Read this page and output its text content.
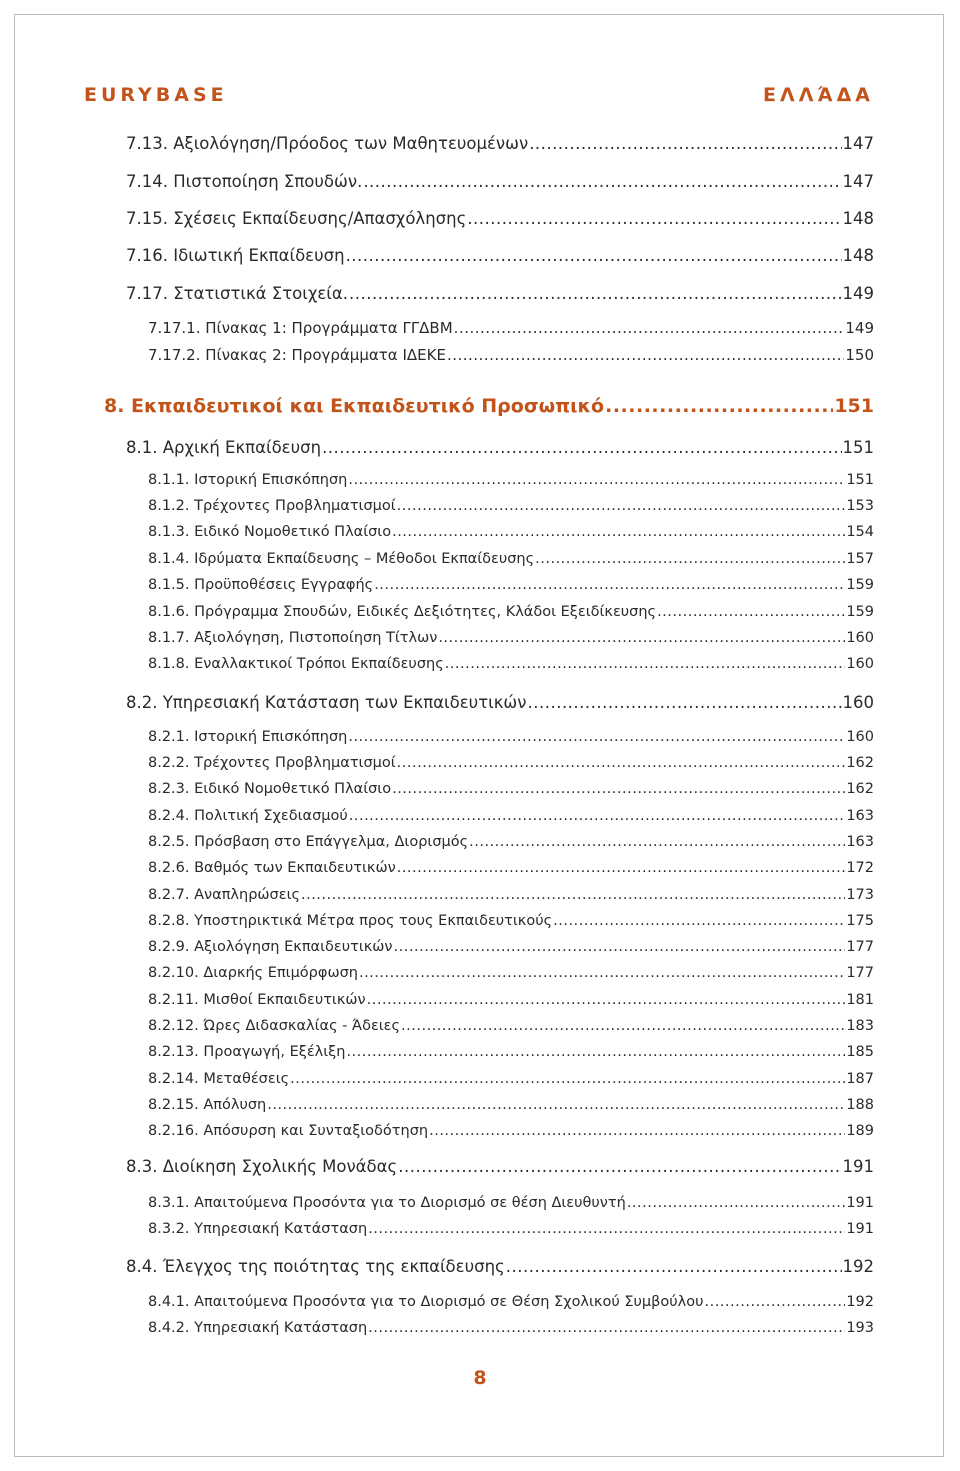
EURYBASE	ΕΛΛΆΔΑ
7.13. Αξιολόγηση/Πρόοδος των Μαθητευομένων .....	147
7.14. Πιστοποίηση Σπουδών. .....	147
7.15. Σχέσεις Εκπαίδευσης/Απασχόλησης .....	148
7.16. Ιδιωτική Εκπαίδευση .....	148
7.17. Στατιστικά Στοιχεία. .....	149
7.17.1. Πίνακας 1: Προγράμματα ΓΓΔΒΜ .....	149
7.17.2. Πίνακας 2: Προγράμματα ΙΔΕΚΕ .....	150
8. Εκπαιδευτικοί και Εκπαιδευτικό Προσωπικό .....	151
8.1. Αρχική Εκπαίδευση .....	151
8.1.1. Ιστορική Επισκόπηση .....	151
8.1.2. Τρέχοντες Προβληματισμοί .....	153
8.1.3. Ειδικό Νομοθετικό Πλαίσιο .....	154
8.1.4. Ιδρύματα Εκπαίδευσης – Μέθοδοι Εκπαίδευσης .....	157
8.1.5. Προϋποθέσεις Εγγραφής .....	159
8.1.6. Πρόγραμμα Σπουδών, Ειδικές Δεξιότητες, Κλάδοι Εξειδίκευσης .....	159
8.1.7. Αξιολόγηση, Πιστοποίηση Τίτλων .....	160
8.1.8. Εναλλακτικοί Τρόποι Εκπαίδευσης .....	160
8.2. Υπηρεσιακή Κατάσταση των Εκπαιδευτικών .....	160
8.2.1. Ιστορική Επισκόπηση .....	160
8.2.2. Τρέχοντες Προβληματισμοί .....	162
8.2.3. Ειδικό Νομοθετικό Πλαίσιο .....	162
8.2.4. Πολιτική Σχεδιασμού .....	163
8.2.5. Πρόσβαση στο Επάγγελμα, Διορισμός .....	163
8.2.6. Βαθμός των Εκπαιδευτικών .....	172
8.2.7. Αναπληρώσεις .....	173
8.2.8. Υποστηρικτικά Μέτρα προς τους Εκπαιδευτικούς .....	175
8.2.9. Αξιολόγηση Εκπαιδευτικών .....	177
8.2.10. Διαρκής Επιμόρφωση .....	177
8.2.11. Μισθοί Εκπαιδευτικών .....	181
8.2.12. Ώρες Διδασκαλίας - Άδειες .....	183
8.2.13. Προαγωγή, Εξέλιξη .....	185
8.2.14. Μεταθέσεις .....	187
8.2.15. Απόλυση .....	188
8.2.16. Απόσυρση και Συνταξιοδότηση .....	189
8.3. Διοίκηση Σχολικής Μονάδας .....	191
8.3.1. Απαιτούμενα Προσόντα για το Διορισμό σε θέση Διευθυντή .....	191
8.3.2. Υπηρεσιακή Κατάσταση .....	191
8.4. Έλεγχος της ποιότητας της εκπαίδευσης .....	192
8.4.1. Απαιτούμενα Προσόντα για το Διορισμό σε Θέση Σχολικού Συμβούλου .....	192
8.4.2. Υπηρεσιακή Κατάσταση .....	193
8
